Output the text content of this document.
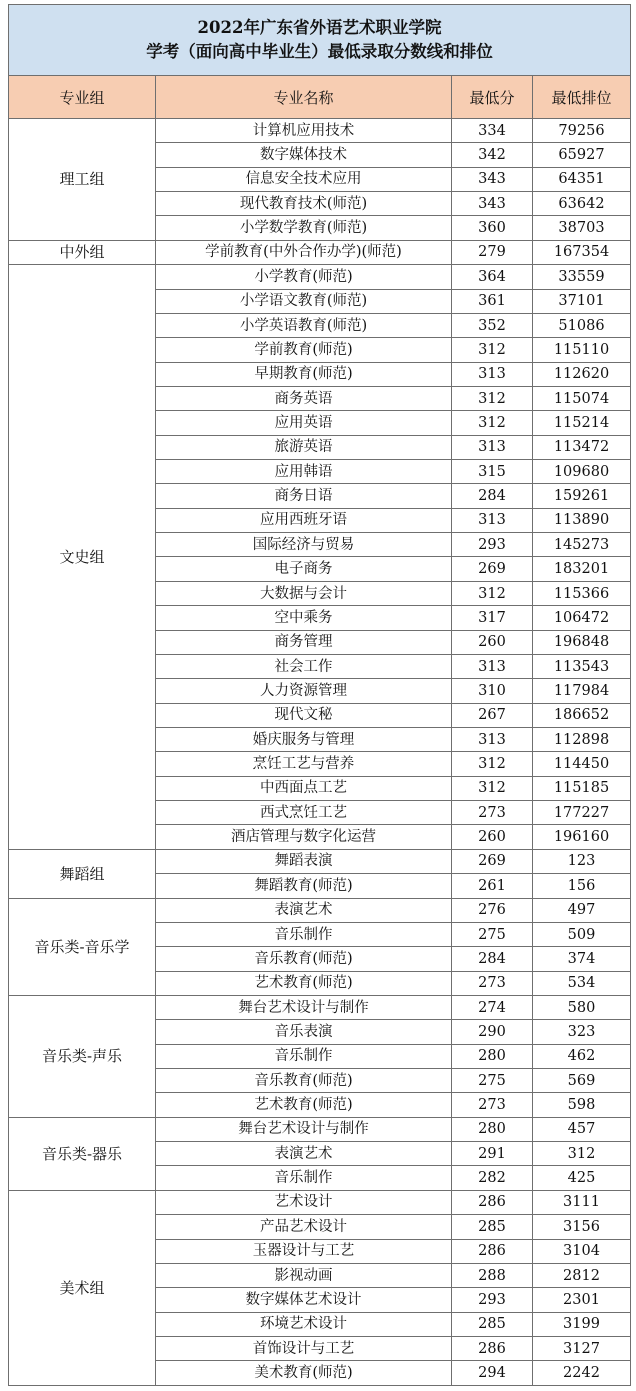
2022年广东省外语艺术职业学院
学考（面向高中毕业生）最低录取分数线和排位			

专业组	专业名称	最低分	最低排位
理工组	计算机应用技术	334	79256
	数字媒体技术	342	65927
	信息安全技术应用	343	64351
	现代教育技术(师范)	343	63642
	小学数学教育(师范)	360	38703
中外组	学前教育(中外合作办学)(师范)	279	167354
文史组	小学教育(师范)	364	33559
	小学语文教育(师范)	361	37101
	小学英语教育(师范)	352	51086
	学前教育(师范)	312	115110
	早期教育(师范)	313	112620
	商务英语	312	115074
	应用英语	312	115214
	旅游英语	313	113472
	应用韩语	315	109680
	商务日语	284	159261
	应用西班牙语	313	113890
	国际经济与贸易	293	145273
	电子商务	269	183201
	大数据与会计	312	115366
	空中乘务	317	106472
	商务管理	260	196848
	社会工作	313	113543
	人力资源管理	310	117984
	现代文秘	267	186652
	婚庆服务与管理	313	112898
	烹饪工艺与营养	312	114450
	中西面点工艺	312	115185
	西式烹饪工艺	273	177227
	酒店管理与数字化运营	260	196160
舞蹈组	舞蹈表演	269	123
	舞蹈教育(师范)	261	156
音乐类-音乐学	表演艺术	276	497
	音乐制作	275	509
	音乐教育(师范)	284	374
	艺术教育(师范)	273	534
音乐类-声乐	舞台艺术设计与制作	274	580
	音乐表演	290	323
	音乐制作	280	462
	音乐教育(师范)	275	569
	艺术教育(师范)	273	598
音乐类-器乐	舞台艺术设计与制作	280	457
	表演艺术	291	312
	音乐制作	282	425
美术组	艺术设计	286	3111
	产品艺术设计	285	3156
	玉器设计与工艺	286	3104
	影视动画	288	2812
	数字媒体艺术设计	293	2301
	环境艺术设计	285	3199
	首饰设计与工艺	286	3127
	美术教育(师范)	294	2242
